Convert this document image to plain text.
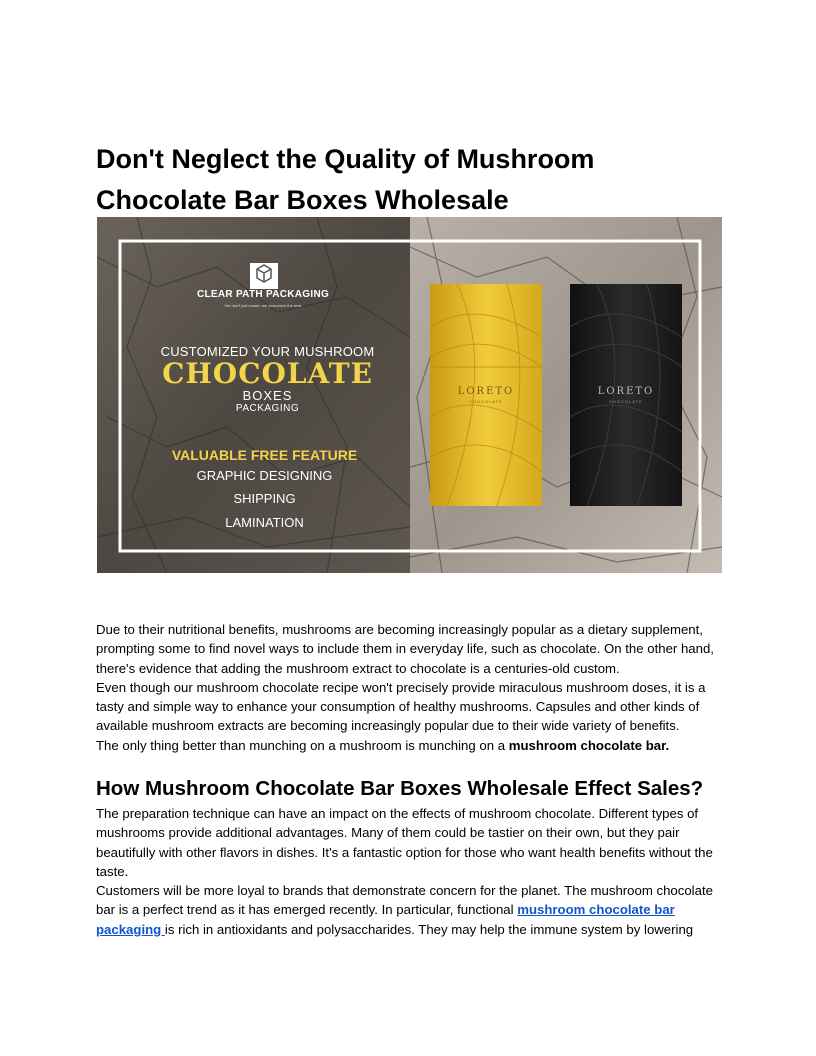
Don't Neglect the Quality of Mushroom Chocolate Bar Boxes Wholesale
CLEAR PATH PACKAGING
We don't just create, we customize the best
CUSTOMIZED YOUR MUSHROOM
CHOCOLATE
BOXES
PACKAGING
VALUABLE FREE FEATURE
GRAPHIC DESIGNING
SHIPPING
LAMINATION
LORETO
CHOCOLATE
LORETO
CHOCOLATE

Due to their nutritional benefits, mushrooms are becoming increasingly popular as a dietary supplement, prompting some to find novel ways to include them in everyday life, such as chocolate. On the other hand, there's evidence that adding the mushroom extract to chocolate is a centuries-old custom.

Even though our mushroom chocolate recipe won't precisely provide miraculous mushroom doses, it is a tasty and simple way to enhance your consumption of healthy mushrooms. Capsules and other kinds of available mushroom extracts are becoming increasingly popular due to their wide variety of benefits.

The only thing better than munching on a mushroom is munching on a mushroom chocolate bar.

How Mushroom Chocolate Bar Boxes Wholesale Effect Sales?

The preparation technique can have an impact on the effects of mushroom chocolate. Different types of mushrooms provide additional advantages. Many of them could be tastier on their own, but they pair beautifully with other flavors in dishes. It's a fantastic option for those who want health benefits without the taste.

Customers will be more loyal to brands that demonstrate concern for the planet. The mushroom chocolate bar is a perfect trend as it has emerged recently. In particular, functional mushroom chocolate bar packaging is rich in antioxidants and polysaccharides. They may help the immune system by lowering
